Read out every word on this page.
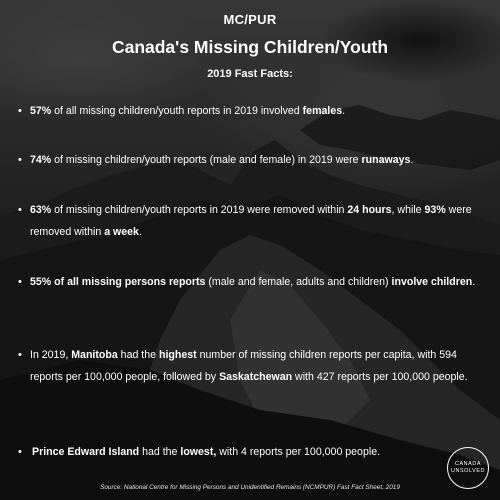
MC/PUR
Canada's Missing Children/Youth
2019 Fast Facts:
• 57% of all missing children/youth reports in 2019 involved females.
• 74% of missing children/youth reports (male and female) in 2019 were runaways.
• 63% of missing children/youth reports in 2019 were removed within 24 hours, while 93% were removed within a week.
• 55% of all missing persons reports (male and female, adults and children) involve children.
• In 2019, Manitoba had the highest number of missing children reports per capita, with 594 reports per 100,000 people, followed by Saskatchewan with 427 reports per 100,000 people.
• Prince Edward Island had the lowest, with 4 reports per 100,000 people.
Source: National Centre for Missing Persons and Unidentified Remains (NCMPUR) Fast Fact Sheet, 2019
CANADA
UNSOLVED
